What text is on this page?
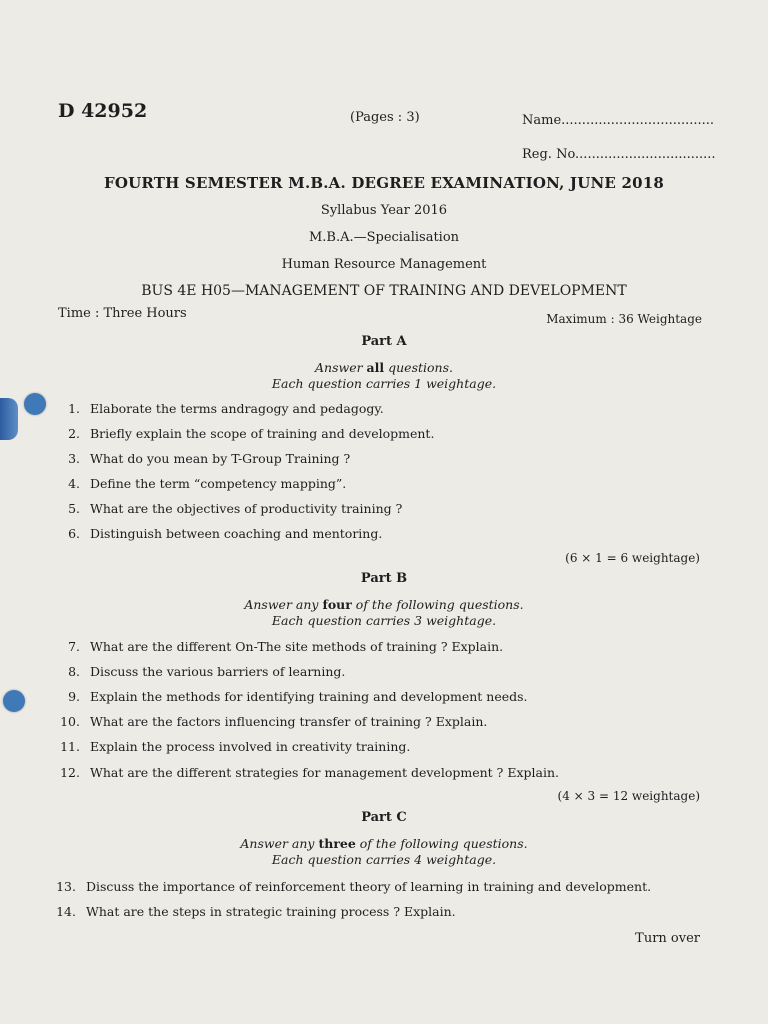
D 42952	(Pages : 3)	Name.....................................
Reg. No..................................
FOURTH SEMESTER M.B.A. DEGREE EXAMINATION, JUNE 2018
Syllabus Year 2016
M.B.A.—Specialisation
Human Resource Management
BUS 4E H05—MANAGEMENT OF TRAINING AND DEVELOPMENT
Time : Three Hours	Maximum : 36 Weightage
Part A
Answer all questions.
Each question carries 1 weightage.
1. Elaborate the terms andragogy and pedagogy.
2. Briefly explain the scope of training and development.
3. What do you mean by T-Group Training ?
4. Define the term “competency mapping”.
5. What are the objectives of productivity training ?
6. Distinguish between coaching and mentoring.
(6 × 1 = 6 weightage)
Part B
Answer any four of the following questions.
Each question carries 3 weightage.
7. What are the different On-The site methods of training ? Explain.
8. Discuss the various barriers of learning.
9. Explain the methods for identifying training and development needs.
10. What are the factors influencing transfer of training ? Explain.
11. Explain the process involved in creativity training.
12. What are the different strategies for management development ? Explain.
(4 × 3 = 12 weightage)
Part C
Answer any three of the following questions.
Each question carries 4 weightage.
13. Discuss the importance of reinforcement theory of learning in training and development.
14. What are the steps in strategic training process ? Explain.
Turn over
